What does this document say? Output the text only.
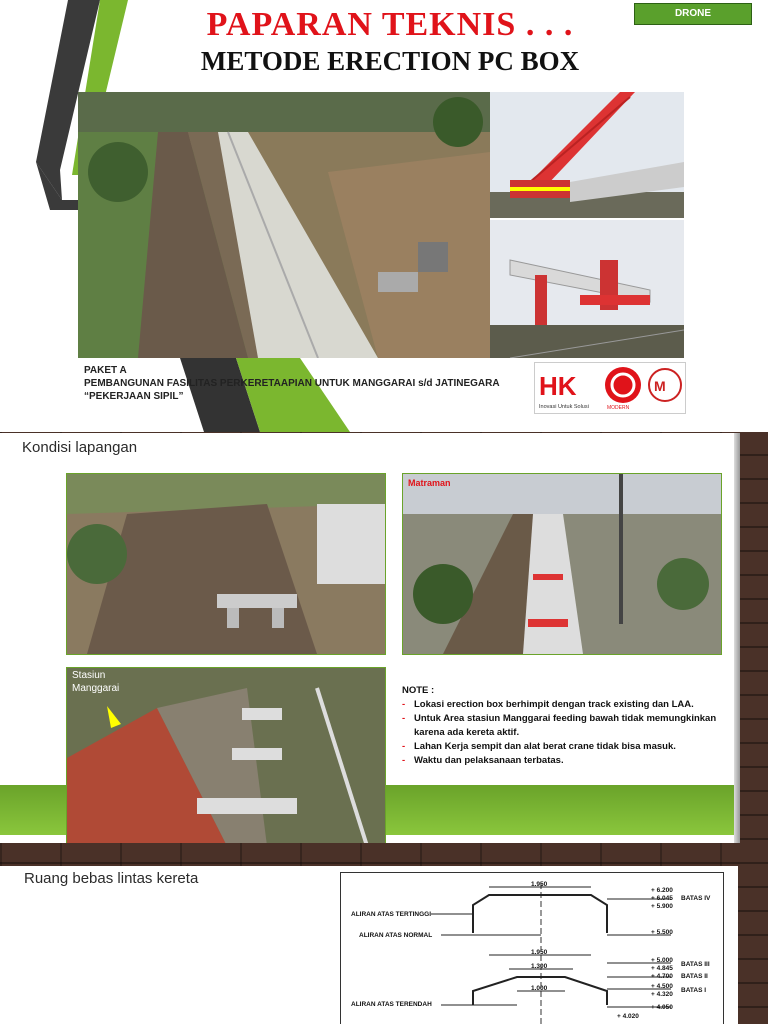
PAPARAN TEKNIS . . .
METODE ERECTION PC BOX
DRONE
PAKET A
PEMBANGUNAN FASILITAS PERKERETAAPIAN UNTUK MANGGARAI s/d JATINEGARA
“PEKERJAAN SIPIL”	HK
MODERN
M
Inovasi Untuk Solusi
Kondisi lapangan
Matraman
Stasiun
Manggarai	NOTE :
- Lokasi erection box berhimpit dengan track existing dan LAA.
- Untuk Area stasiun Manggarai feeding bawah tidak memungkinkan karena ada kereta aktif.
- Lahan Kerja sempit dan alat berat crane tidak bisa masuk.
- Waktu dan pelaksanaan terbatas.
Ruang bebas lintas kereta
ALIRAN ATAS TERTINGGI
ALIRAN ATAS NORMAL
ALIRAN ATAS TERENDAH
1.950
1.950
1.300
1.000
+ 6.200
+ 6.045
+ 5.900
+ 5.500
+ 5.000
+ 4.845
+ 4.700
+ 4.500
+ 4.320
+ 4.050
+ 4.020
BATAS IV
BATAS III
BATAS II
BATAS I
